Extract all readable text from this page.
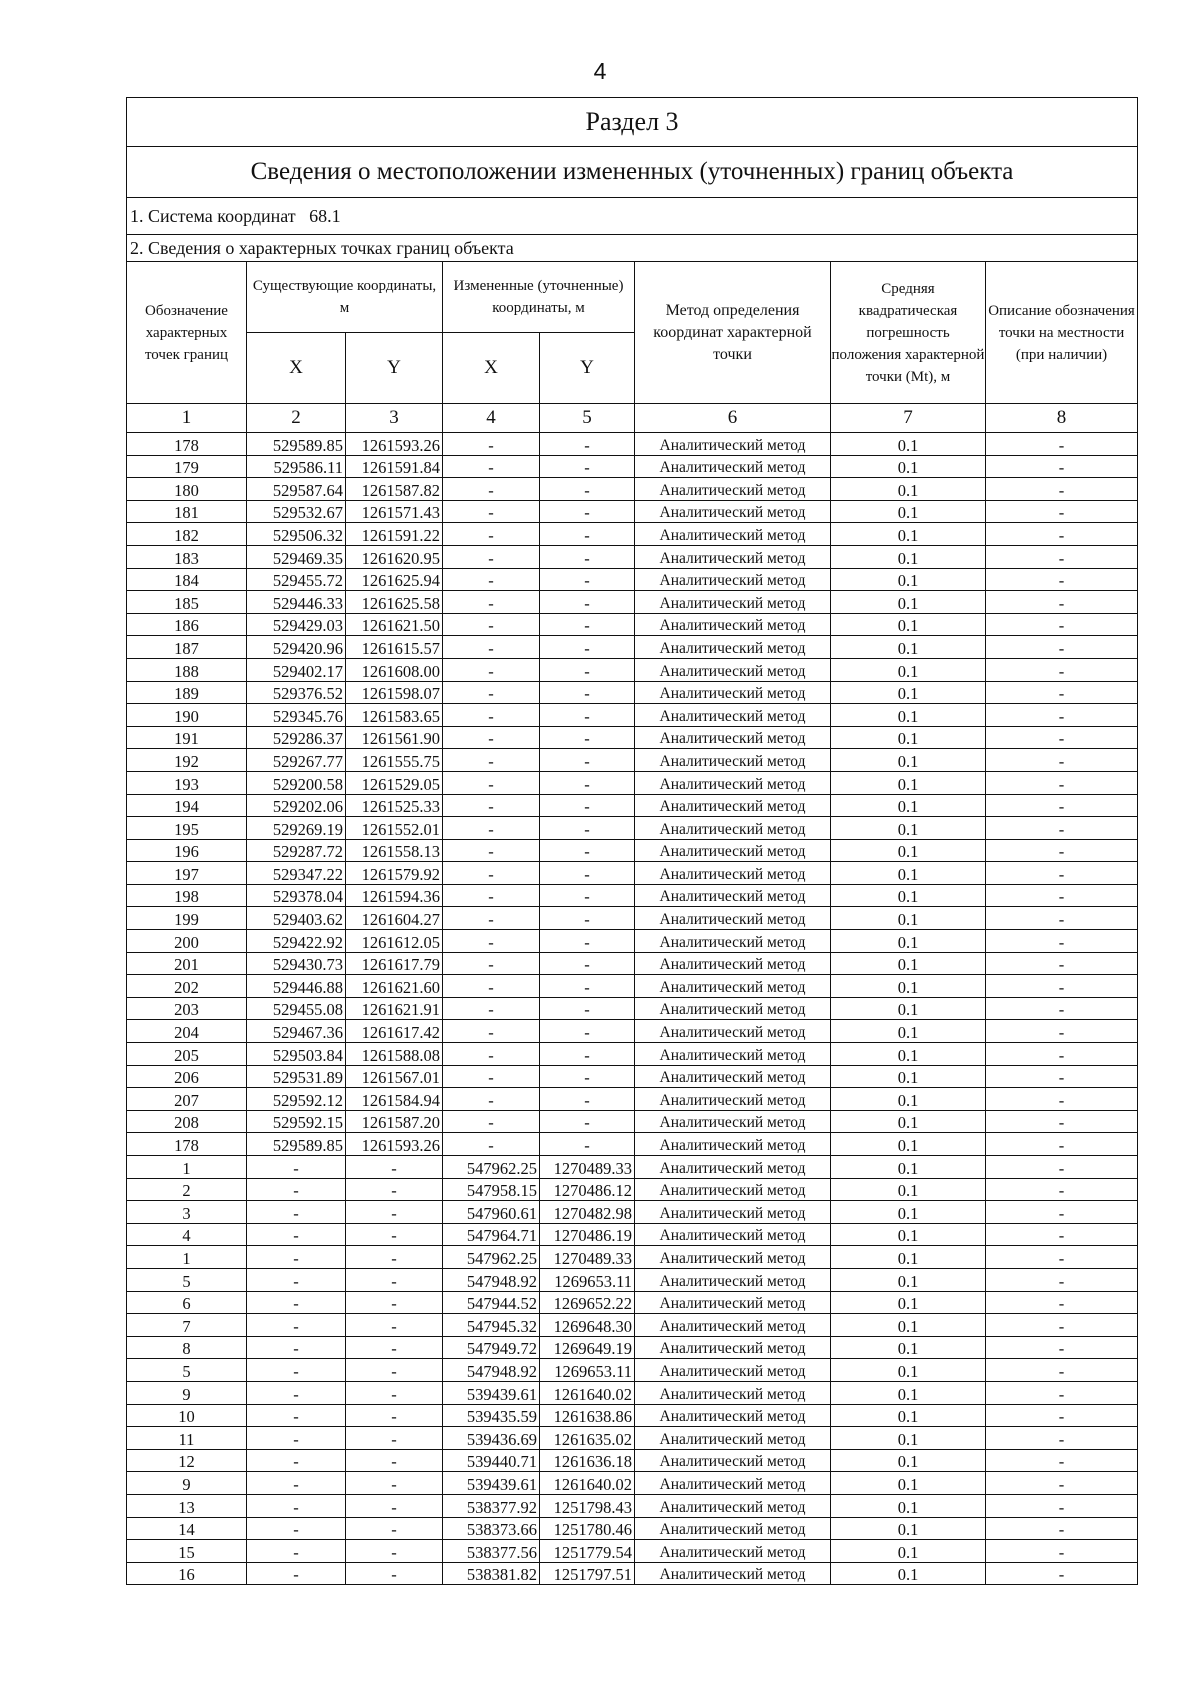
4
Раздел 3							
Сведения о местоположении измененных (уточненных) границ объекта							
1. Система координат 68.1							
2. Сведения о характерных точках границ объекта							
Обозначение характерных точек границ	Существующие координаты, м		Измененные (уточненные) координаты, м		Метод определения координат характерной точки	Средняя квадратическая погрешность положения характерной точки (Mt), м	Описание обозначения точки на местности (при наличии)
	X	Y	X	Y			
1	2	3	4	5	6	7	8
178	529589.85	1261593.26	-	-	Аналитический метод	0.1	-
179	529586.11	1261591.84	-	-	Аналитический метод	0.1	-
180	529587.64	1261587.82	-	-	Аналитический метод	0.1	-
181	529532.67	1261571.43	-	-	Аналитический метод	0.1	-
182	529506.32	1261591.22	-	-	Аналитический метод	0.1	-
183	529469.35	1261620.95	-	-	Аналитический метод	0.1	-
184	529455.72	1261625.94	-	-	Аналитический метод	0.1	-
185	529446.33	1261625.58	-	-	Аналитический метод	0.1	-
186	529429.03	1261621.50	-	-	Аналитический метод	0.1	-
187	529420.96	1261615.57	-	-	Аналитический метод	0.1	-
188	529402.17	1261608.00	-	-	Аналитический метод	0.1	-
189	529376.52	1261598.07	-	-	Аналитический метод	0.1	-
190	529345.76	1261583.65	-	-	Аналитический метод	0.1	-
191	529286.37	1261561.90	-	-	Аналитический метод	0.1	-
192	529267.77	1261555.75	-	-	Аналитический метод	0.1	-
193	529200.58	1261529.05	-	-	Аналитический метод	0.1	-
194	529202.06	1261525.33	-	-	Аналитический метод	0.1	-
195	529269.19	1261552.01	-	-	Аналитический метод	0.1	-
196	529287.72	1261558.13	-	-	Аналитический метод	0.1	-
197	529347.22	1261579.92	-	-	Аналитический метод	0.1	-
198	529378.04	1261594.36	-	-	Аналитический метод	0.1	-
199	529403.62	1261604.27	-	-	Аналитический метод	0.1	-
200	529422.92	1261612.05	-	-	Аналитический метод	0.1	-
201	529430.73	1261617.79	-	-	Аналитический метод	0.1	-
202	529446.88	1261621.60	-	-	Аналитический метод	0.1	-
203	529455.08	1261621.91	-	-	Аналитический метод	0.1	-
204	529467.36	1261617.42	-	-	Аналитический метод	0.1	-
205	529503.84	1261588.08	-	-	Аналитический метод	0.1	-
206	529531.89	1261567.01	-	-	Аналитический метод	0.1	-
207	529592.12	1261584.94	-	-	Аналитический метод	0.1	-
208	529592.15	1261587.20	-	-	Аналитический метод	0.1	-
178	529589.85	1261593.26	-	-	Аналитический метод	0.1	-
1	-	-	547962.25	1270489.33	Аналитический метод	0.1	-
2	-	-	547958.15	1270486.12	Аналитический метод	0.1	-
3	-	-	547960.61	1270482.98	Аналитический метод	0.1	-
4	-	-	547964.71	1270486.19	Аналитический метод	0.1	-
1	-	-	547962.25	1270489.33	Аналитический метод	0.1	-
5	-	-	547948.92	1269653.11	Аналитический метод	0.1	-
6	-	-	547944.52	1269652.22	Аналитический метод	0.1	-
7	-	-	547945.32	1269648.30	Аналитический метод	0.1	-
8	-	-	547949.72	1269649.19	Аналитический метод	0.1	-
5	-	-	547948.92	1269653.11	Аналитический метод	0.1	-
9	-	-	539439.61	1261640.02	Аналитический метод	0.1	-
10	-	-	539435.59	1261638.86	Аналитический метод	0.1	-
11	-	-	539436.69	1261635.02	Аналитический метод	0.1	-
12	-	-	539440.71	1261636.18	Аналитический метод	0.1	-
9	-	-	539439.61	1261640.02	Аналитический метод	0.1	-
13	-	-	538377.92	1251798.43	Аналитический метод	0.1	-
14	-	-	538373.66	1251780.46	Аналитический метод	0.1	-
15	-	-	538377.56	1251779.54	Аналитический метод	0.1	-
16	-	-	538381.82	1251797.51	Аналитический метод	0.1	-
